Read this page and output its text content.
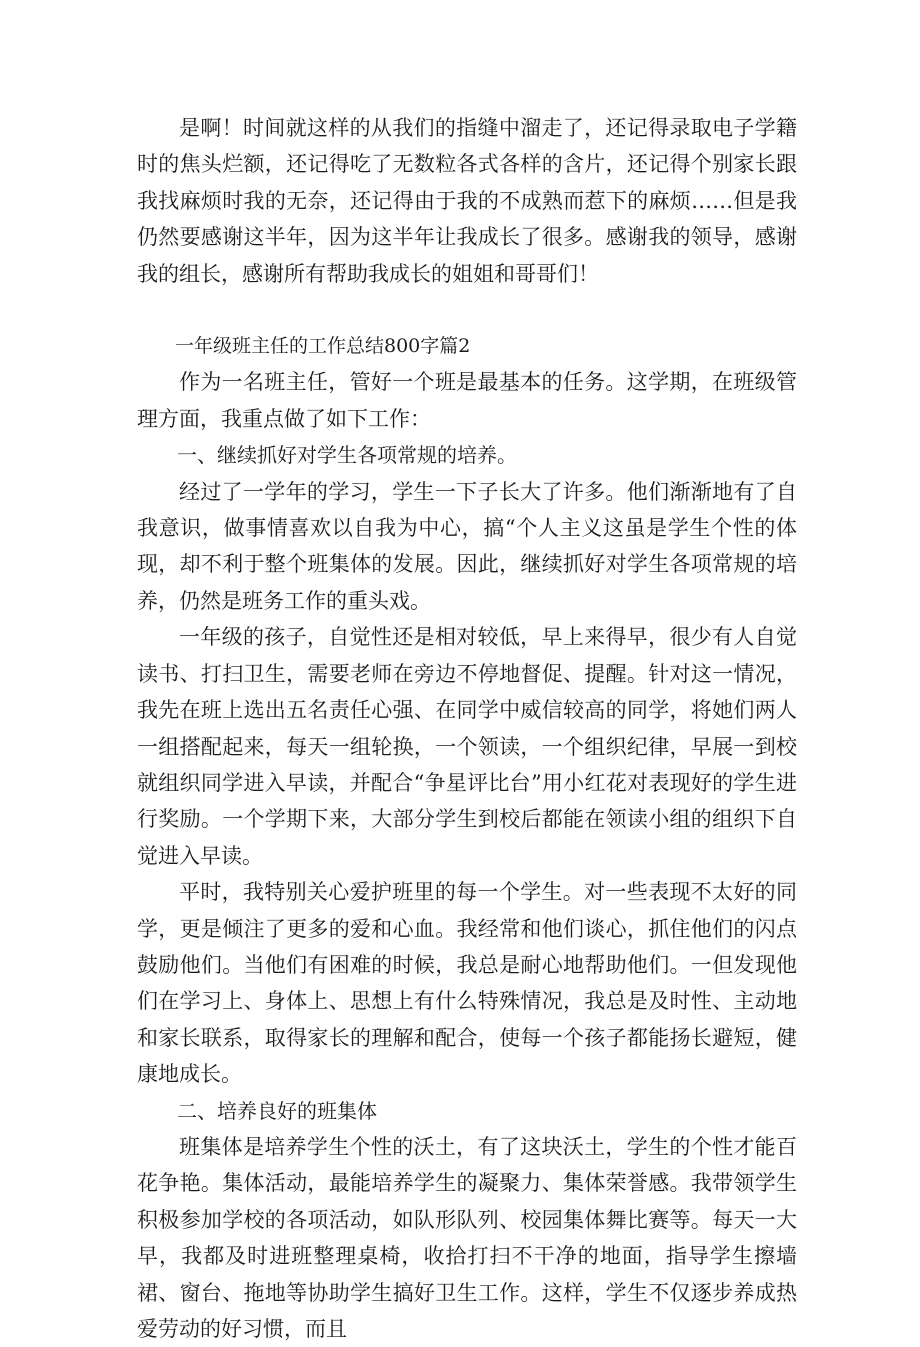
是啊！时间就这样的从我们的指缝中溜走了，还记得录取电子学籍时的焦头烂额，还记得吃了无数粒各式各样的含片，还记得个别家长跟我找麻烦时我的无奈，还记得由于我的不成熟而惹下的麻烦……但是我仍然要感谢这半年，因为这半年让我成长了很多。感谢我的领导，感谢我的组长，感谢所有帮助我成长的姐姐和哥哥们！

一年级班主任的工作总结800字篇2

作为一名班主任，管好一个班是最基本的任务。这学期，在班级管理方面，我重点做了如下工作：

一、继续抓好对学生各项常规的培养。

经过了一学年的学习，学生一下子长大了许多。他们渐渐地有了自我意识，做事情喜欢以自我为中心，搞“个人主义这虽是学生个性的体现，却不利于整个班集体的发展。因此，继续抓好对学生各项常规的培养，仍然是班务工作的重头戏。

一年级的孩子，自觉性还是相对较低，早上来得早，很少有人自觉读书、打扫卫生，需要老师在旁边不停地督促、提醒。针对这一情况，我先在班上选出五名责任心强、在同学中威信较高的同学，将她们两人一组搭配起来，每天一组轮换，一个领读，一个组织纪律，早展一到校就组织同学进入早读，并配合“争星评比台”用小红花对表现好的学生进行奖励。一个学期下来，大部分学生到校后都能在领读小组的组织下自觉进入早读。

平时，我特别关心爱护班里的每一个学生。对一些表现不太好的同学，更是倾注了更多的爱和心血。我经常和他们谈心，抓住他们的闪点鼓励他们。当他们有困难的时候，我总是耐心地帮助他们。一但发现他们在学习上、身体上、思想上有什么特殊情况，我总是及时性、主动地和家长联系，取得家长的理解和配合，使每一个孩子都能扬长避短，健康地成长。

二、培养良好的班集体

班集体是培养学生个性的沃土，有了这块沃土，学生的个性才能百花争艳。集体活动，最能培养学生的凝聚力、集体荣誉感。我带领学生积极参加学校的各项活动，如队形队列、校园集体舞比赛等。每天一大早，我都及时进班整理桌椅，收拾打扫不干净的地面，指导学生擦墙裙、窗台、拖地等协助学生搞好卫生工作。这样，学生不仅逐步养成热爱劳动的好习惯，而且
